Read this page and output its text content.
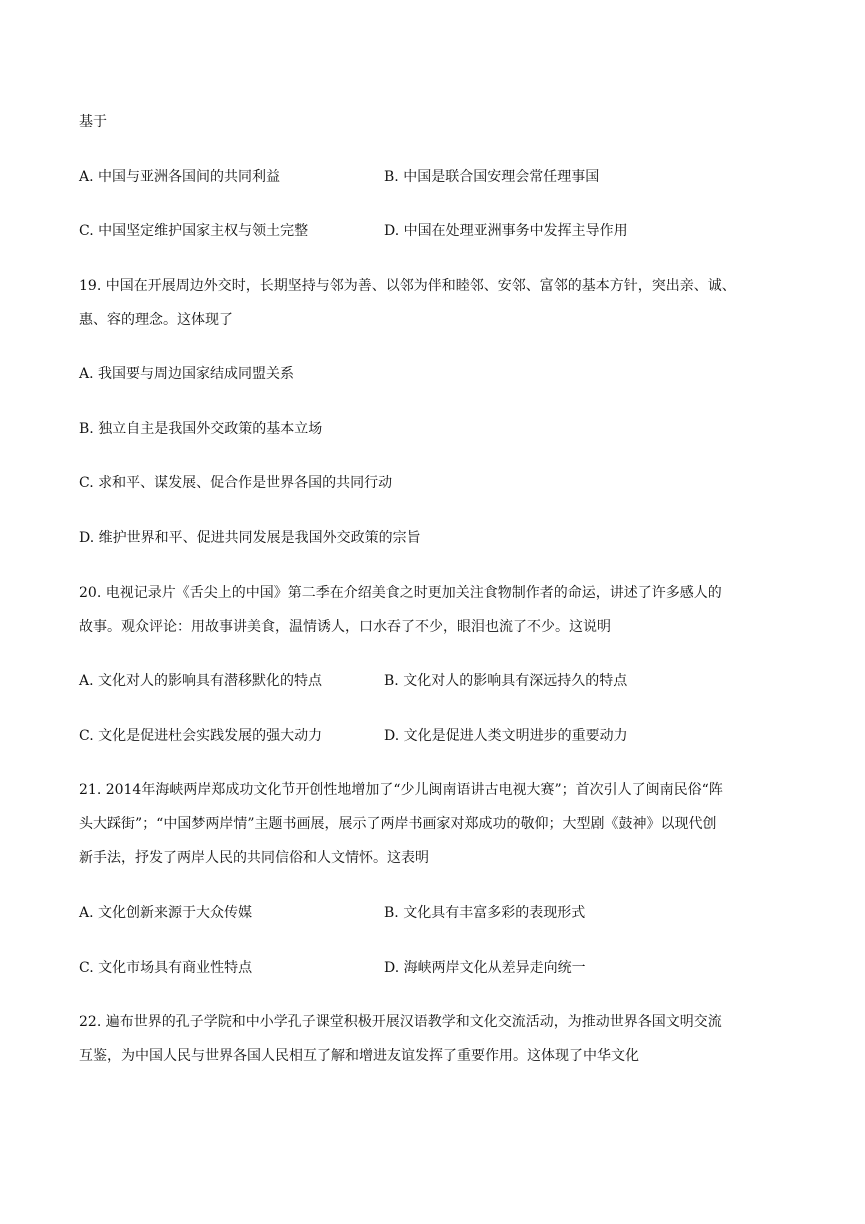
基于
A. 中国与亚洲各国间的共同利益	B. 中国是联合国安理会常任理事国
C. 中国坚定维护国家主权与领土完整	D. 中国在处理亚洲事务中发挥主导作用
19. 中国在开展周边外交时，长期坚持与邻为善、以邻为伴和睦邻、安邻、富邻的基本方针，突出亲、诚、
惠、容的理念。这体现了
A. 我国要与周边国家结成同盟关系
B. 独立自主是我国外交政策的基本立场
C. 求和平、谋发展、促合作是世界各国的共同行动
D. 维护世界和平、促进共同发展是我国外交政策的宗旨
20. 电视记录片《舌尖上的中国》第二季在介绍美食之时更加关注食物制作者的命运，讲述了许多感人的
故事。观众评论：用故事讲美食，温情诱人，口水吞了不少，眼泪也流了不少。这说明
A. 文化对人的影响具有潜移默化的特点	B. 文化对人的影响具有深远持久的特点
C. 文化是促进杜会实践发展的强大动力	D. 文化是促进人类文明进步的重要动力
21. 2014年海峡两岸郑成功文化节开创性地增加了“少儿闽南语讲古电视大赛”；首次引人了闽南民俗“阵
头大踩街”；“中国梦两岸情”主题书画展，展示了两岸书画家对郑成功的敬仰；大型剧《鼓神》以现代创
新手法，抒发了两岸人民的共同信俗和人文情怀。这表明
A. 文化创新来源于大众传媒	B. 文化具有丰富多彩的表现形式
C. 文化市场具有商业性特点	D. 海峡两岸文化从差异走向统一
22. 遍布世界的孔子学院和中小学孔子课堂积极开展汉语教学和文化交流活动，为推动世界各国文明交流
互鉴，为中国人民与世界各国人民相互了解和增进友谊发挥了重要作用。这体现了中华文化
